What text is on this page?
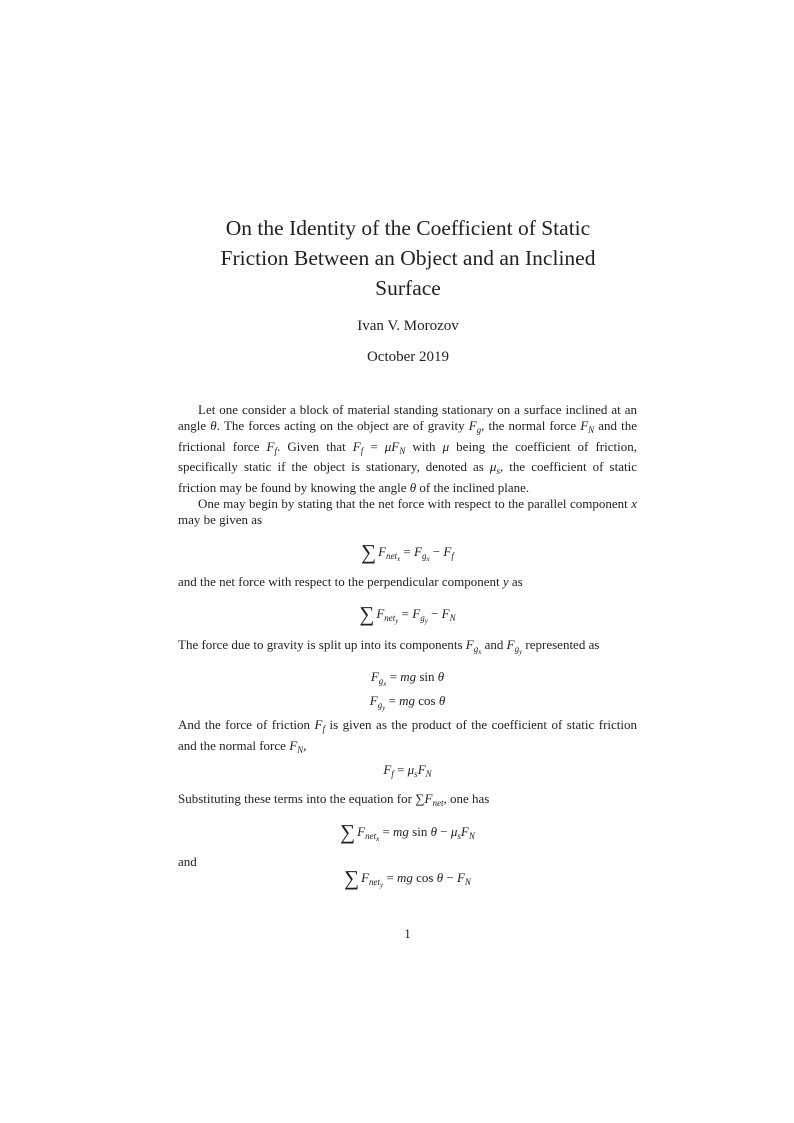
On the Identity of the Coefficient of Static
Friction Between an Object and an Inclined
Surface
Ivan V. Morozov
October 2019

Let one consider a block of material standing stationary on a surface inclined at an angle θ. The forces acting on the object are of gravity $F_g$, the normal force $F_N$ and the frictional force $F_f$. Given that $F_f = \mu F_N$ with μ being the coefficient of friction, specifically static if the object is stationary, denoted as $\mu_s$, the coefficient of static friction may be found by knowing the angle θ of the inclined plane.

One may begin by stating that the net force with respect to the parallel component x may be given as

∑ $F_{net_x} = F_{g_x} - F_f$

and the net force with respect to the perpendicular component y as

∑ $F_{net_y} = F_{g_y} - F_N$

The force due to gravity is split up into its components $F_{g_x}$ and $F_{g_y}$ represented as

$F_{g_x}$ = mg sin θ
$F_{g_y}$ = mg cos θ

And the force of friction $F_f$ is given as the product of the coefficient of static friction and the normal force $F_N$,

$F_f = \mu_sF_N$

Substituting these terms into the equation for $\sum F_{net}$, one has

∑ $F_{net_x}$ = mg $\sin \theta - \mu_sF_N$
and
∑ $F_{net_y}$ = mg $\cos \theta - F_N$
1
